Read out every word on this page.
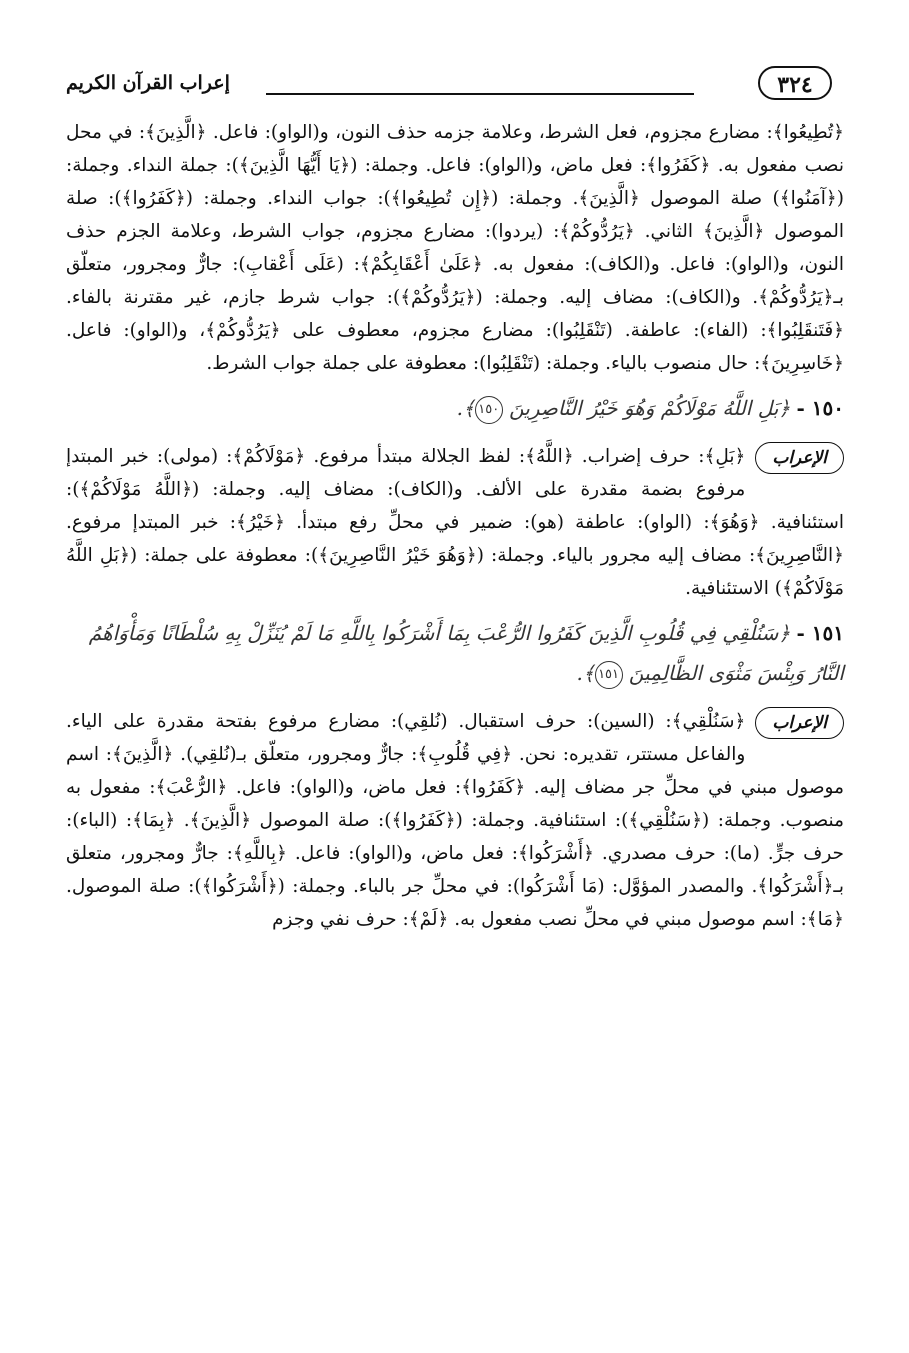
٣٢٤
إعراب القرآن الكريم

﴿تُطِيعُوا﴾: مضارع مجزوم، فعل الشرط، وعلامة جزمه حذف النون، و(الواو): فاعل. ﴿الَّذِينَ﴾: في محل نصب مفعول به. ﴿كَفَرُوا﴾: فعل ماض، و(الواو): فاعل. وجملة: (﴿يَا أَيُّهَا الَّذِينَ﴾): جملة النداء. وجملة: (﴿آمَنُوا﴾) صلة الموصول ﴿الَّذِينَ﴾. وجملة: (﴿إِن تُطِيعُوا﴾): جواب النداء. وجملة: (﴿كَفَرُوا﴾): صلة الموصول ﴿الَّذِينَ﴾ الثاني. ﴿يَرُدُّوكُمْ﴾: (يردوا): مضارع مجزوم، جواب الشرط، وعلامة الجزم حذف النون، و(الواو): فاعل. و(الكاف): مفعول به. ﴿عَلَىٰ أَعْقَابِكُمْ﴾: (عَلَى أَعْقابِ): جارٌّ ومجرور، متعلّق بـ﴿يَرُدُّوكُمْ﴾. و(الكاف): مضاف إليه. وجملة: (﴿يَرُدُّوكُمْ﴾): جواب شرط جازم، غير مقترنة بالفاء. ﴿فَتَنقَلِبُوا﴾: (الفاء): عاطفة. (تَنْقَلِبُوا): مضارع مجزوم، معطوف على ﴿يَرُدُّوكُمْ﴾، و(الواو): فاعل. ﴿خَاسِرِينَ﴾: حال منصوب بالياء. وجملة: (تَنْقَلِبُوا): معطوفة على جملة جواب الشرط.

١٥٠ - ﴿بَلِ اللَّهُ مَوْلَاكُمْ وَهُوَ خَيْرُ النَّاصِرِينَ ١٥٠﴾.
الإعراب

﴿بَلِ﴾: حرف إضراب. ﴿اللَّهُ﴾: لفظ الجلالة مبتدأ مرفوع. ﴿مَوْلَاكُمْ﴾: (مولى): خبر المبتدإ مرفوع بضمة مقدرة على الألف. و(الكاف): مضاف إليه. وجملة: (﴿اللَّهُ مَوْلَاكُمْ﴾): استئنافية. ﴿وَهُوَ﴾: (الواو): عاطفة (هو): ضمير في محلِّ رفع مبتدأ. ﴿خَيْرُ﴾: خبر المبتدإ مرفوع. ﴿النَّاصِرِينَ﴾: مضاف إليه مجرور بالياء. وجملة: (﴿وَهُوَ خَيْرُ النَّاصِرِينَ﴾): معطوفة على جملة: (﴿بَلِ اللَّهُ مَوْلَاكُمْ﴾) الاستئنافية.

١٥١ - ﴿سَنُلْقِي فِي قُلُوبِ الَّذِينَ كَفَرُوا الرُّعْبَ بِمَا أَشْرَكُوا بِاللَّهِ مَا لَمْ يُنَزِّلْ بِهِ سُلْطَانًا وَمَأْوَاهُمُ النَّارُ وَبِئْسَ مَثْوَى الظَّالِمِينَ ١٥١﴾.
الإعراب

﴿سَنُلْقِي﴾: (السين): حرف استقبال. (نُلقِي): مضارع مرفوع بفتحة مقدرة على الياء. والفاعل مستتر، تقديره: نحن. ﴿فِي قُلُوبِ﴾: جارٌّ ومجرور، متعلّق بـ(نُلقِي). ﴿الَّذِينَ﴾: اسم موصول مبني في محلِّ جر مضاف إليه. ﴿كَفَرُوا﴾: فعل ماض، و(الواو): فاعل. ﴿الرُّعْبَ﴾: مفعول به منصوب. وجملة: (﴿سَنُلْقِي﴾): استئنافية. وجملة: (﴿كَفَرُوا﴾): صلة الموصول ﴿الَّذِينَ﴾. ﴿بِمَا﴾: (الباء): حرف جرٍّ. (ما): حرف مصدري. ﴿أَشْرَكُوا﴾: فعل ماض، و(الواو): فاعل. ﴿بِاللَّهِ﴾: جارٌّ ومجرور، متعلق بـ﴿أَشْرَكُوا﴾. والمصدر المؤوَّل: (مَا أَشْرَكُوا): في محلِّ جر بالباء. وجملة: (﴿أَشْرَكُوا﴾): صلة الموصول. ﴿مَا﴾: اسم موصول مبني في محلِّ نصب مفعول به. ﴿لَمْ﴾: حرف نفي وجزم
